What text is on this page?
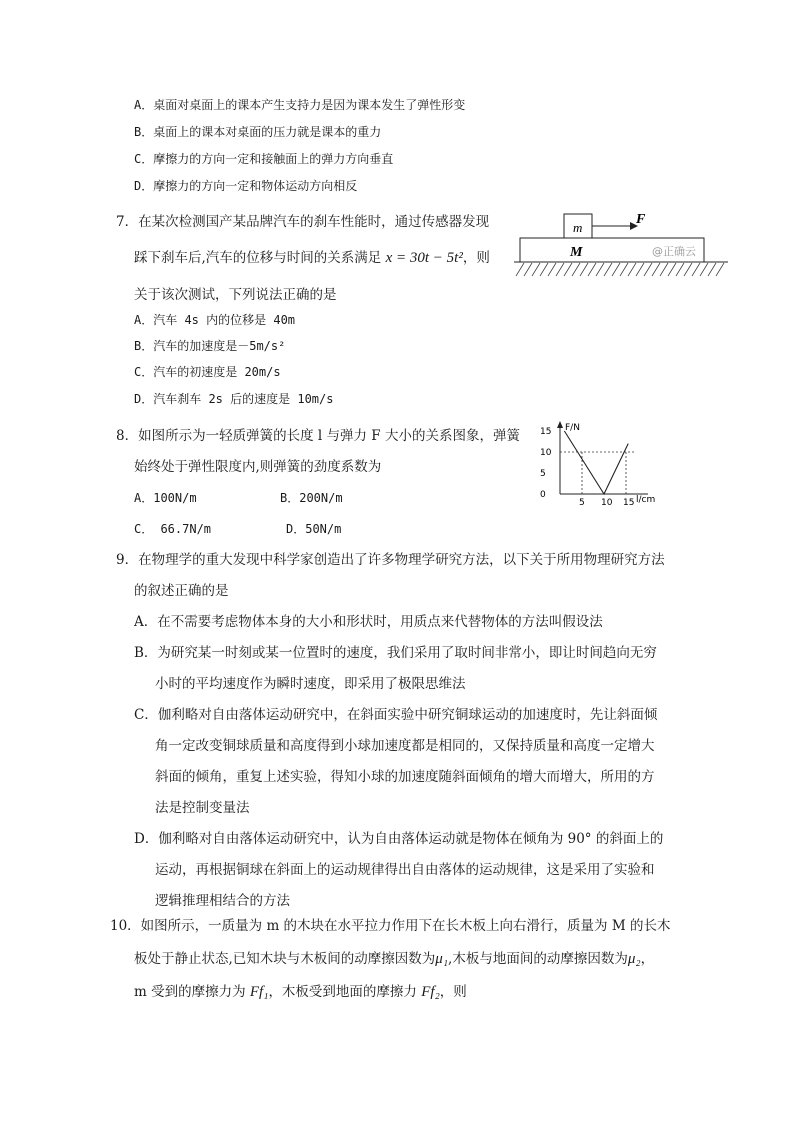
A．桌面对桌面上的课本产生支持力是因为课本发生了弹性形变
B．桌面上的课本对桌面的压力就是课本的重力
C．摩擦力的方向一定和接触面上的弹力方向垂直
D．摩擦力的方向一定和物体运动方向相反
7．在某次检测国产某品牌汽车的刹车性能时，通过传感器发现
踩下刹车后,汽车的位移与时间的关系满足 x = 30t − 5t²，则
关于该次测试，下列说法正确的是
A．汽车 4s 内的位移是 40m
B．汽车的加速度是－5m/s²
C．汽车的初速度是 20m/s
D．汽车刹车 2s 后的速度是 10m/s
m
F
M	@正确云
8．如图所示为一轻质弹簧的长度 l 与弹力 F 大小的关系图象，弹簧
始终处于弹性限度内,则弹簧的劲度系数为
A．100N/m	B．200N/m
C． 66.7N/m	D．50N/m
F/N
l/cm
5 10 15
0
5
10
15
9．在物理学的重大发现中科学家创造出了许多物理学研究方法，以下关于所用物理研究方法
的叙述正确的是
A．在不需要考虑物体本身的大小和形状时，用质点来代替物体的方法叫假设法
B．为研究某一时刻或某一位置时的速度，我们采用了取时间非常小，即让时间趋向无穷
小时的平均速度作为瞬时速度，即采用了极限思维法
C．伽利略对自由落体运动研究中，在斜面实验中研究铜球运动的加速度时，先让斜面倾
角一定改变铜球质量和高度得到小球加速度都是相同的，又保持质量和高度一定增大
斜面的倾角，重复上述实验，得知小球的加速度随斜面倾角的增大而增大，所用的方
法是控制变量法
D．伽利略对自由落体运动研究中，认为自由落体运动就是物体在倾角为 90° 的斜面上的
运动，再根据铜球在斜面上的运动规律得出自由落体的运动规律，这是采用了实验和
逻辑推理相结合的方法
10．如图所示，一质量为 m 的木块在水平拉力作用下在长木板上向右滑行，质量为 M 的长木
板处于静止状态,已知木块与木板间的动摩擦因数为μ₁,木板与地面间的动摩擦因数为μ₂，
m 受到的摩擦力为 Ff₁，木板受到地面的摩擦力 Ff₂，则
